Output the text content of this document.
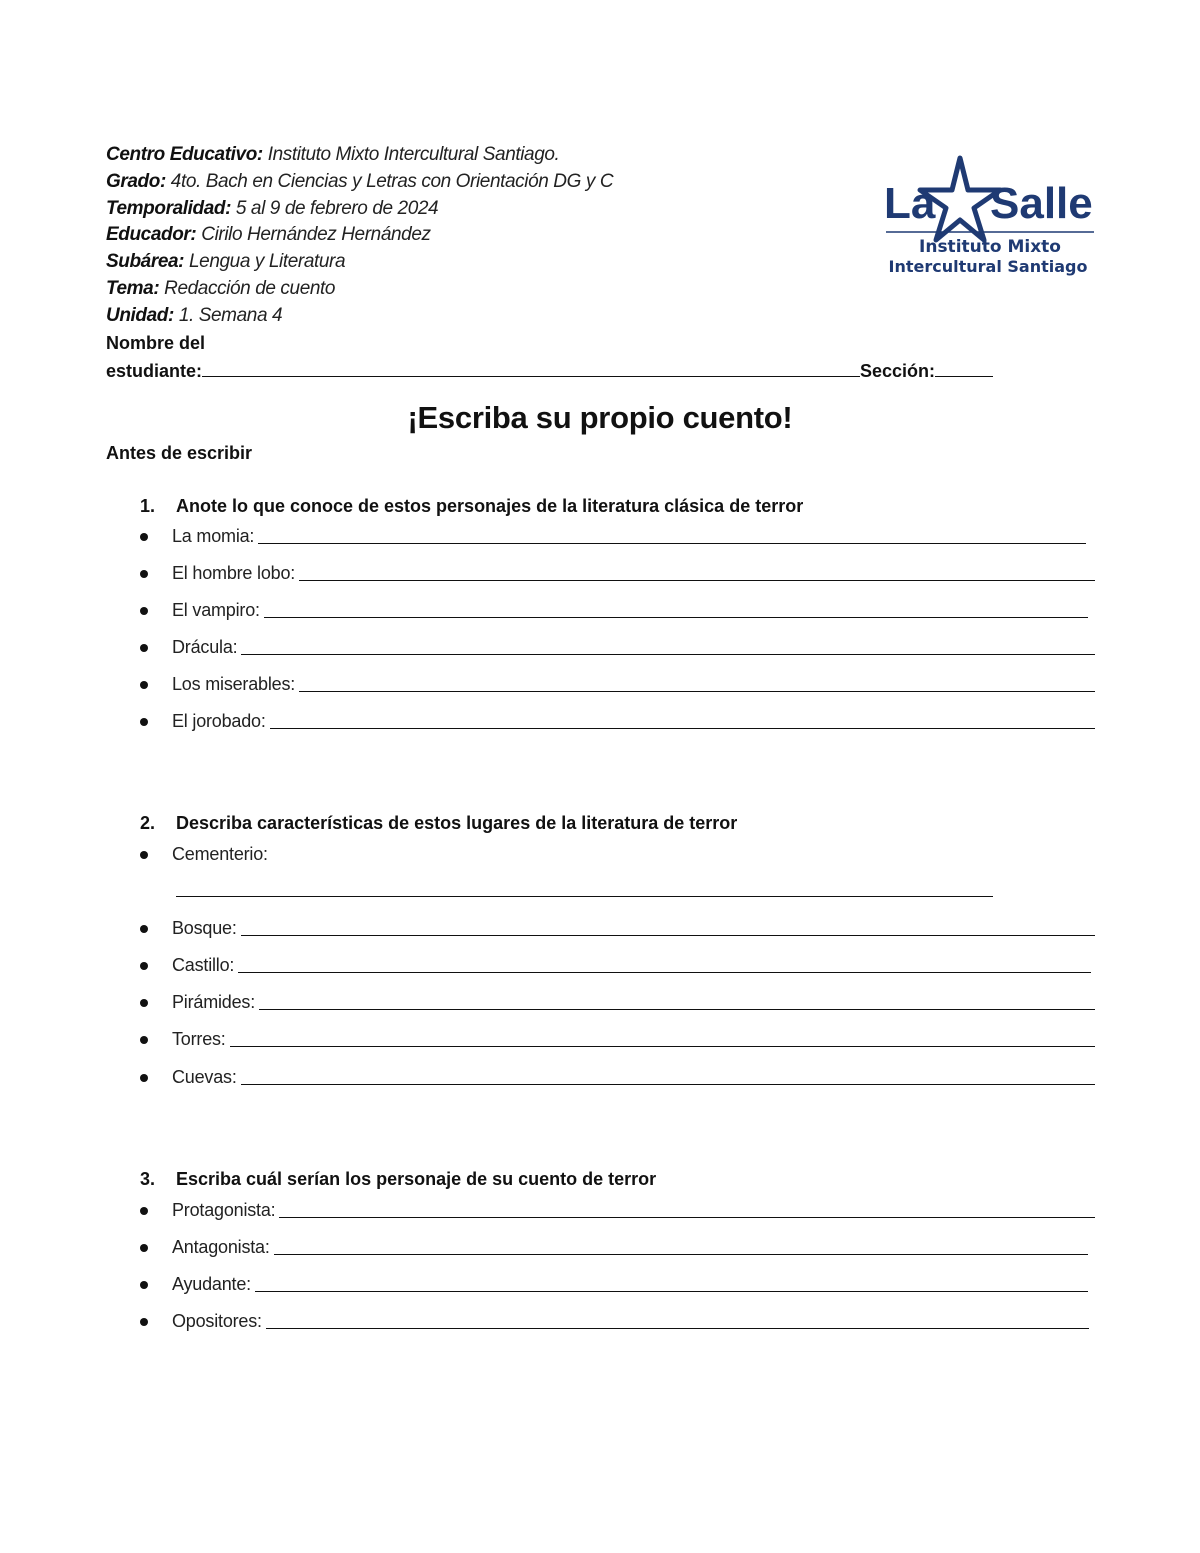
Centro Educativo: Instituto Mixto Intercultural Santiago.
Grado: 4to. Bach en Ciencias y Letras con Orientación DG y C
Temporalidad: 5 al 9 de febrero de 2024
Educador: Cirilo Hernández Hernández
Subárea: Lengua y Literatura
Tema: Redacción de cuento
Unidad: 1. Semana 4
Nombre del
estudiante:	Sección:
La Salle
Instituto Mixto
Intercultural Santiago
¡Escriba su propio cuento!
Antes de escribir
1. Anote lo que conoce de estos personajes de la literatura clásica de terror
La momia:
El hombre lobo:
El vampiro:
Drácula:
Los miserables:
El jorobado:
2. Describa características de estos lugares de la literatura de terror
Cementerio:
Bosque:
Castillo:
Pirámides:
Torres:
Cuevas:
3. Escriba cuál serían los personaje de su cuento de terror
Protagonista:
Antagonista:
Ayudante:
Opositores:
